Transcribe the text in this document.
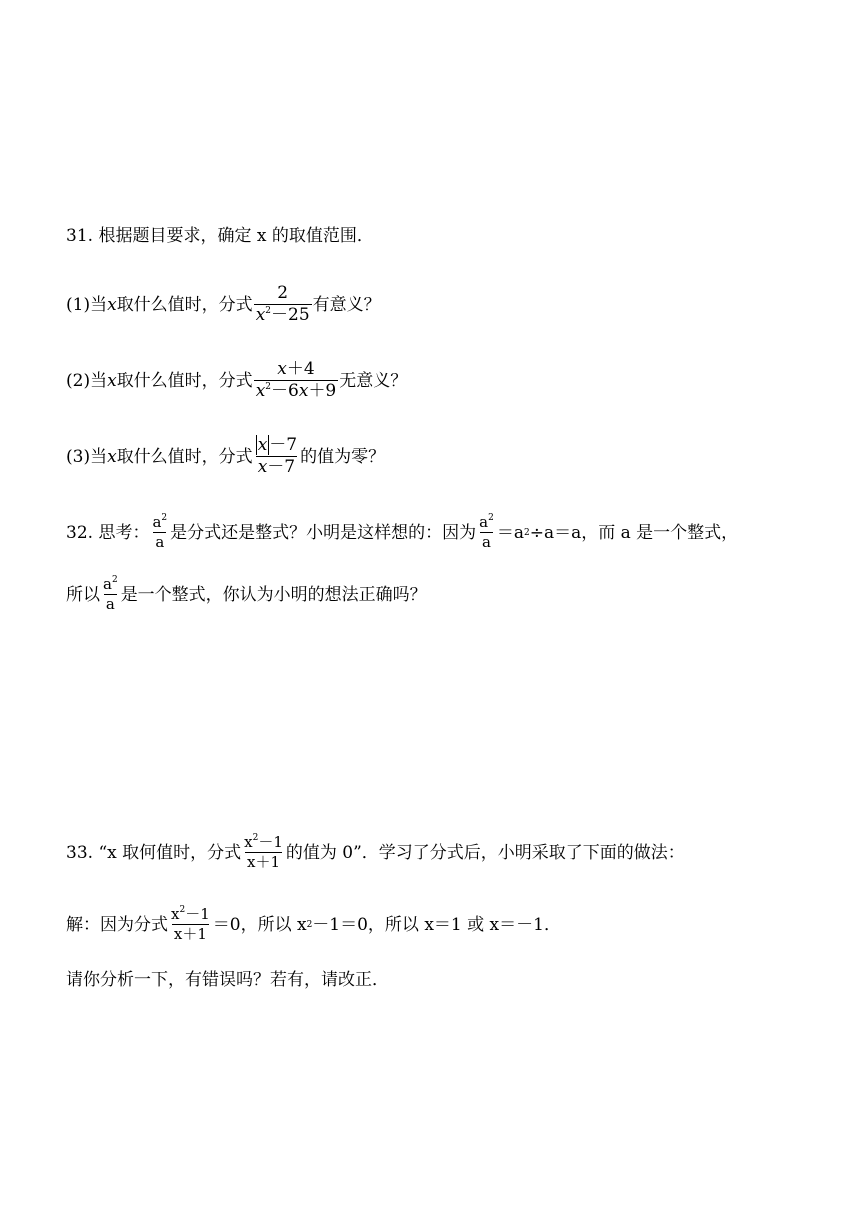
31. 根据题目要求，确定 x 的取值范围．
(1)当 x 取什么值时，分式 $\frac{2}{x^2-25}$ 有意义？
(2)当 x 取什么值时，分式 $\frac{x+4}{x^2-6x+9}$ 无意义？
(3)当 x 取什么值时，分式 $\frac{x -7}{x-7}$ 的值为零？
32. 思考： $\frac{a^2}{a}$ 是分式还是整式？小明是这样想的：因为 $\frac{a^2}{a} =a$ 2 ÷a＝a，而 a 是一个整式，
所以 $\frac{a^2}{a}$ 是一个整式，你认为小明的想法正确吗？
33. “x 取何值时，分式 $\frac{x^2-1}{x+1}$ 的值为 0”．学习了分式后，小明采取了下面的做法：
解：因为分式 $\frac{x^2-1}{x+1} =0$，所以 x 2 －1＝0，所以 x＝1 或 x＝－1．
请你分析一下，有错误吗？若有，请改正．
